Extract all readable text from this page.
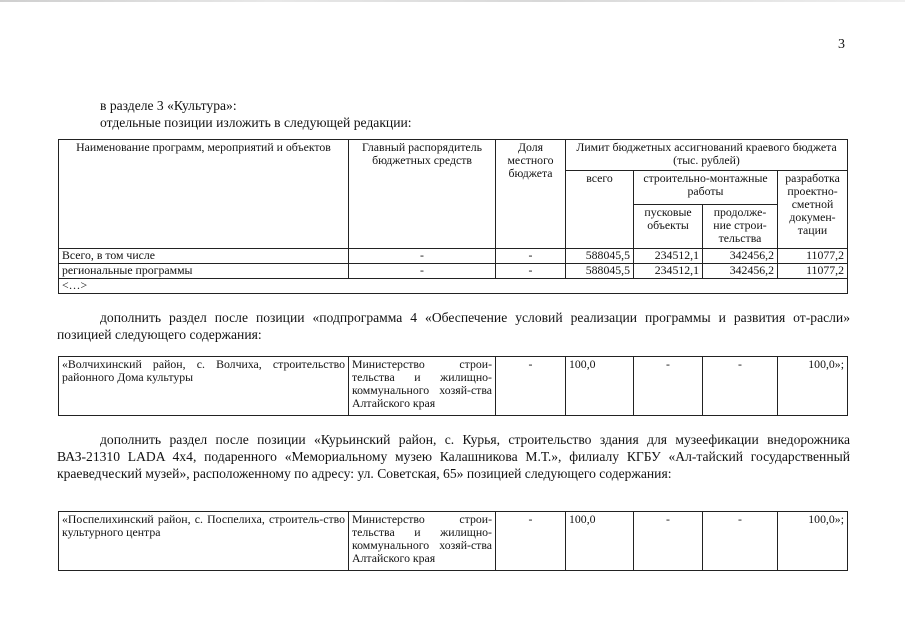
3
в разделе 3 «Культура»:
отдельные позиции изложить в следующей редакции:
Наименование программ, мероприятий и объектов	Главный распорядитель бюджетных средств	Доля местного бюджета	Лимит бюджетных ассигнований краевого бюджета (тыс. рублей)			
			всего	строительно-монтажные работы		разработка проектно-сметной докумен-тации
				пусковые объекты	продолже-ние строи-тельства	

Всего, в том числе	-	-	588045,5	234512,1	342456,2	11077,2
региональные программы	-	-	588045,5	234512,1	342456,2	11077,2
<…>						
дополнить раздел после позиции «подпрограмма 4 «Обеспечение условий реализации программы и развития от-расли» позицией следующего содержания:
«Волчихинский район, с. Волчиха, строительство районного Дома культуры	Министерство строи-тельства и жилищно-коммунального хозяй-ства Алтайского края	-	100,0	-	-	100,0»;
дополнить раздел после позиции «Курьинский район, с. Курья, строительство здания для музеефикации внедорожника ВАЗ-21310 LADA 4x4, подаренного «Мемориальному музею Калашникова М.Т.», филиалу КГБУ «Ал-тайский государственный краеведческий музей», расположенному по адресу: ул. Советская, 65» позицией следующего содержания:
«Поспелихинский район, с. Поспелиха, строитель-ство культурного центра	Министерство строи-тельства и жилищно-коммунального хозяй-ства Алтайского края	-	100,0	-	-	100,0»;
